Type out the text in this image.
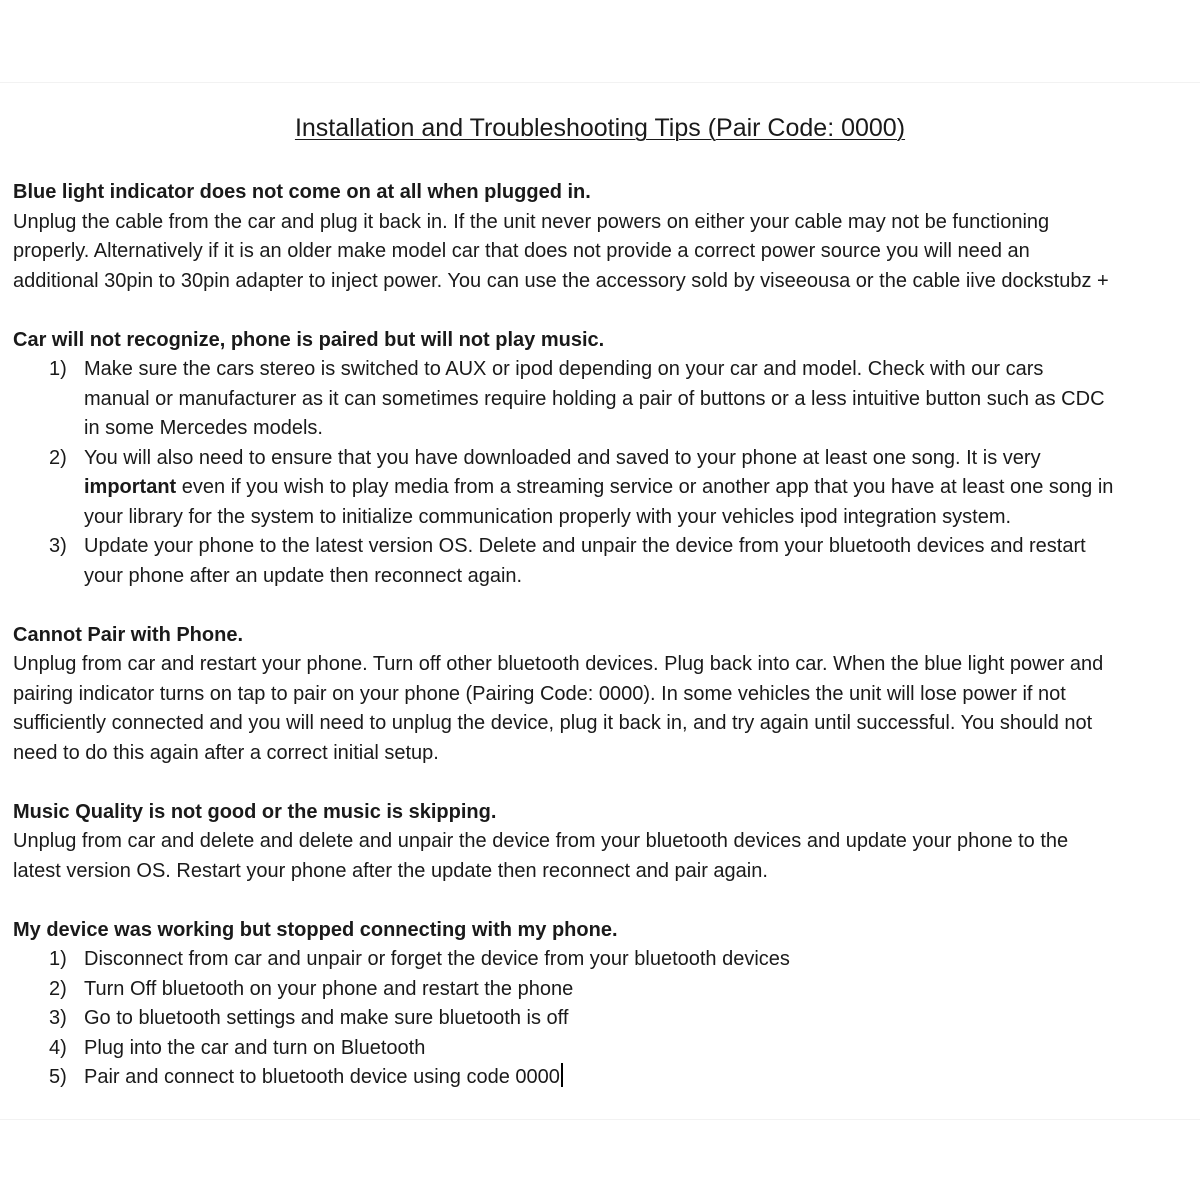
Installation and Troubleshooting Tips (Pair Code: 0000)
Blue light indicator does not come on at all when plugged in.
Unplug the cable from the car and plug it back in. If the unit never powers on either your cable may not be functioning
properly. Alternatively if it is an older make model car that does not provide a correct power source you will need an
additional 30pin to 30pin adapter to inject power. You can use the accessory sold by viseeousa or the cable iive dockstubz +
Car will not recognize, phone is paired but will not play music.
1) Make sure the cars stereo is switched to AUX or ipod depending on your car and model. Check with our cars
manual or manufacturer as it can sometimes require holding a pair of buttons or a less intuitive button such as CDC
in some Mercedes models.
2) You will also need to ensure that you have downloaded and saved to your phone at least one song. It is very
important even if you wish to play media from a streaming service or another app that you have at least one song in
your library for the system to initialize communication properly with your vehicles ipod integration system.
3) Update your phone to the latest version OS. Delete and unpair the device from your bluetooth devices and restart
your phone after an update then reconnect again.
Cannot Pair with Phone.
Unplug from car and restart your phone. Turn off other bluetooth devices. Plug back into car. When the blue light power and
pairing indicator turns on tap to pair on your phone (Pairing Code: 0000). In some vehicles the unit will lose power if not
sufficiently connected and you will need to unplug the device, plug it back in, and try again until successful. You should not
need to do this again after a correct initial setup.
Music Quality is not good or the music is skipping.
Unplug from car and delete and delete and unpair the device from your bluetooth devices and update your phone to the
latest version OS. Restart your phone after the update then reconnect and pair again.
My device was working but stopped connecting with my phone.
1) Disconnect from car and unpair or forget the device from your bluetooth devices
2) Turn Off bluetooth on your phone and restart the phone
3) Go to bluetooth settings and make sure bluetooth is off
4) Plug into the car and turn on Bluetooth
5) Pair and connect to bluetooth device using code 0000
